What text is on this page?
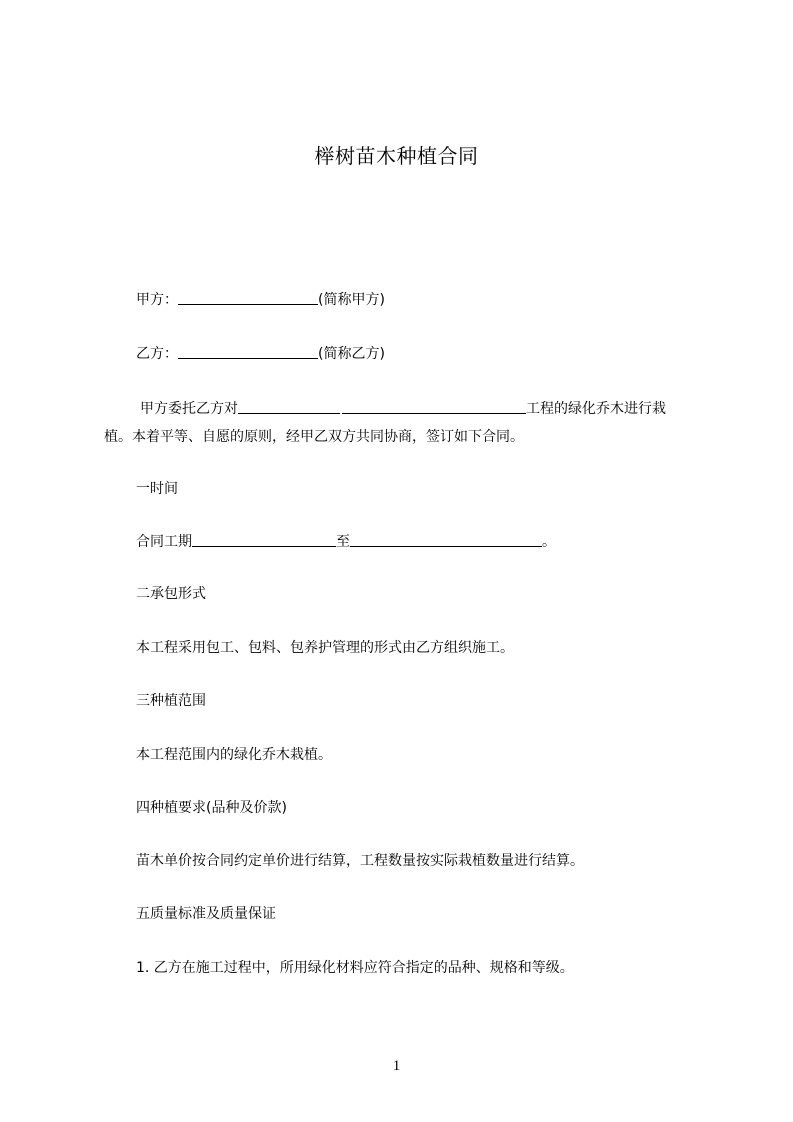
榉树苗木种植合同
甲方：	(简称甲方)
乙方：	(简称乙方)
甲方委托乙方对	工程的绿化乔木进行栽
植。本着平等、自愿的原则，经甲乙双方共同协商，签订如下合同。
一时间
合同工期	至	。
二承包形式
本工程采用包工、包料、包养护管理的形式由乙方组织施工。
三种植范围
本工程范围内的绿化乔木栽植。
四种植要求(品种及价款)
苗木单价按合同约定单价进行结算，工程数量按实际栽植数量进行结算。
五质量标准及质量保证
1. 乙方在施工过程中，所用绿化材料应符合指定的品种、规格和等级。
1
